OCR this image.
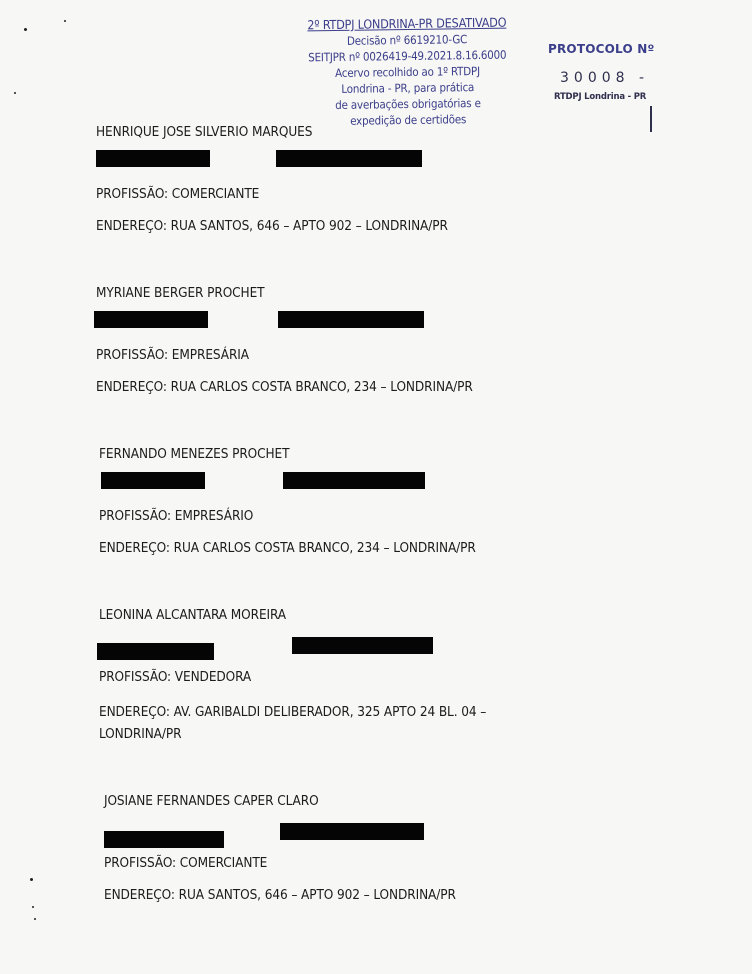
2º RTDPJ LONDRINA-PR DESATIVADO
Decisão nº 6619210-GC
SEITJPR nº 0026419-49.2021.8.16.6000
Acervo recolhido ao 1º RTDPJ
Londrina - PR, para prática
de averbações obrigatórias e
expedição de certidões
PROTOCOLO Nº
30008 -
RTDPJ Londrina - PR
HENRIQUE JOSE SILVERIO MARQUES
PROFISSÃO: COMERCIANTE
ENDEREÇO: RUA SANTOS, 646 – APTO 902 – LONDRINA/PR
MYRIANE BERGER PROCHET
PROFISSÃO: EMPRESÁRIA
ENDEREÇO: RUA CARLOS COSTA BRANCO, 234 – LONDRINA/PR
FERNANDO MENEZES PROCHET
PROFISSÃO: EMPRESÁRIO
ENDEREÇO: RUA CARLOS COSTA BRANCO, 234 – LONDRINA/PR
LEONINA ALCANTARA MOREIRA
PROFISSÃO: VENDEDORA
ENDEREÇO: AV. GARIBALDI DELIBERADOR, 325 APTO 24 BL. 04 –
LONDRINA/PR
JOSIANE FERNANDES CAPER CLARO
PROFISSÃO: COMERCIANTE
ENDEREÇO: RUA SANTOS, 646 – APTO 902 – LONDRINA/PR
